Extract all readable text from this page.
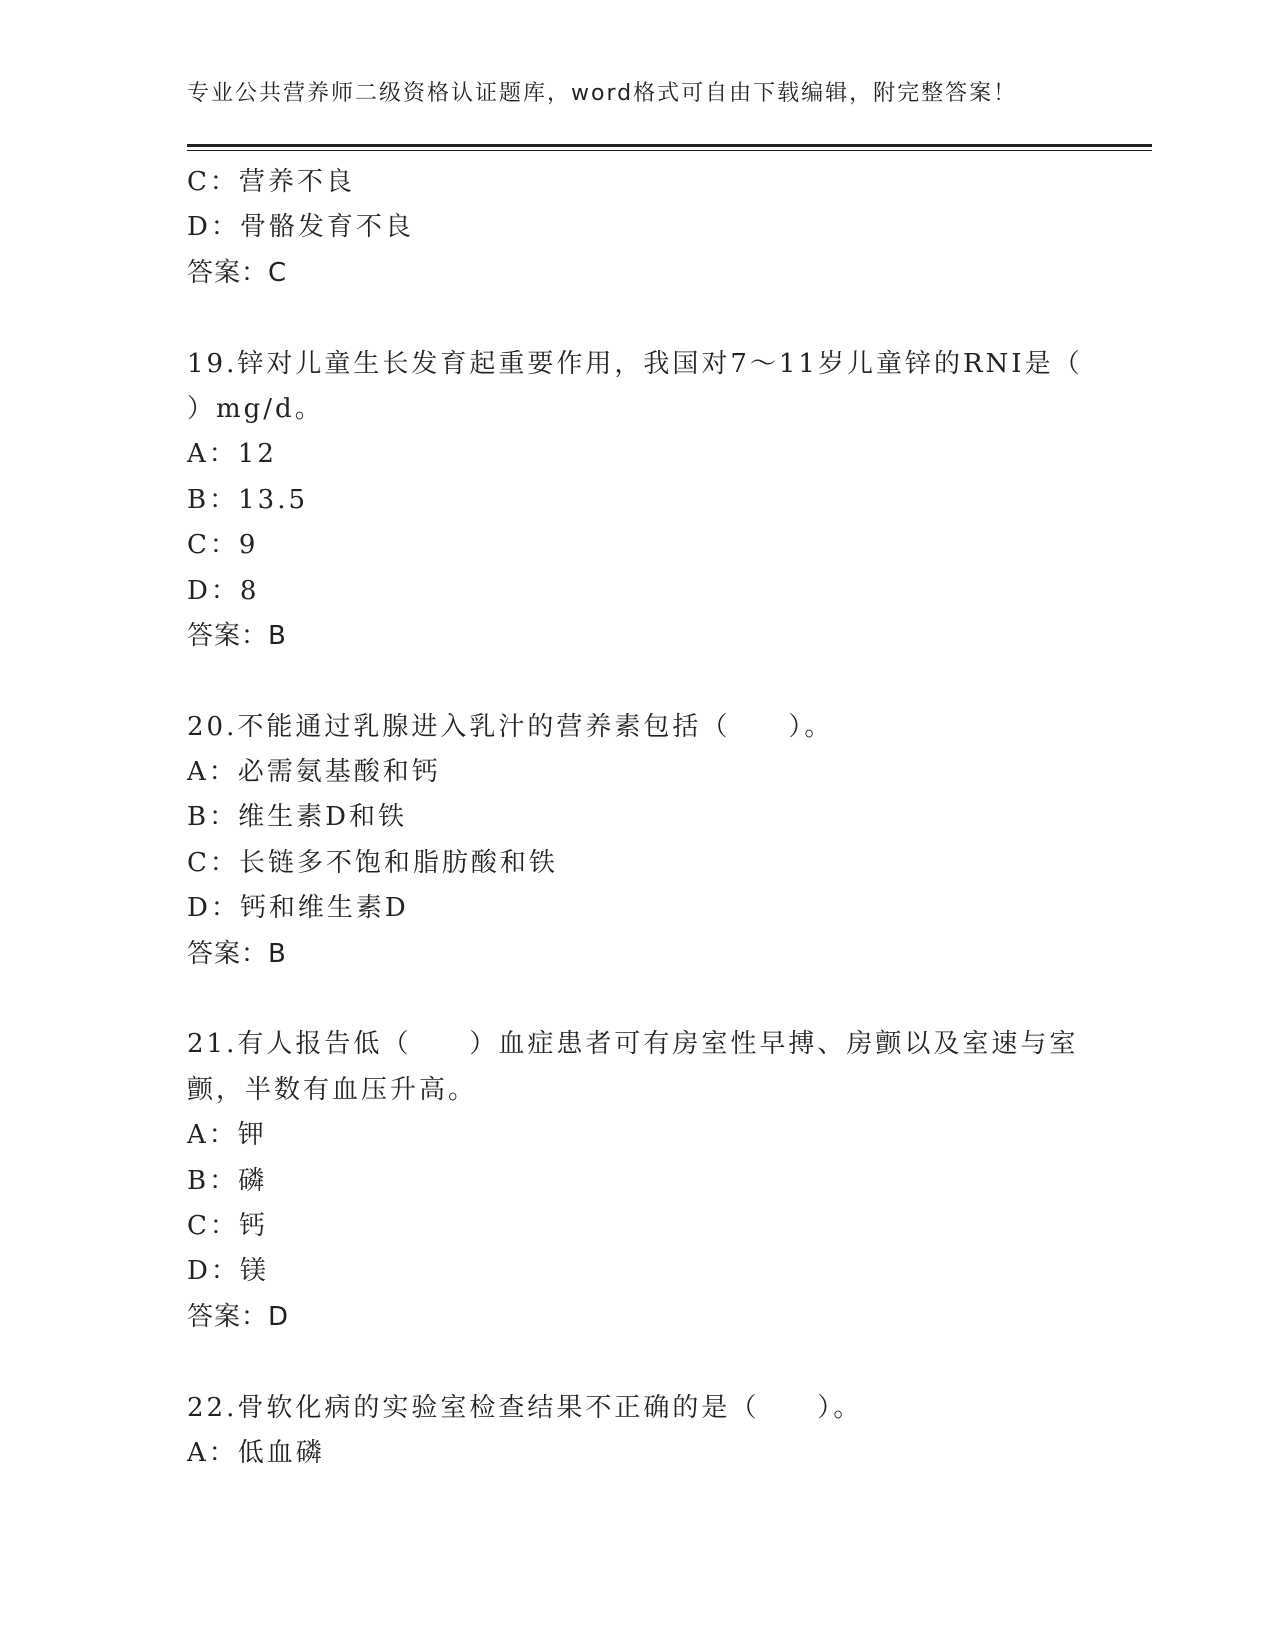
专业公共营养师二级资格认证题库，word格式可自由下载编辑，附完整答案！
C：营养不良
D：骨骼发育不良
答案：C
19.锌对儿童生长发育起重要作用，我国对7～11岁儿童锌的RNI是（
）mg/d。
A：12
B：13.5
C：9
D：8
答案：B
20.不能通过乳腺进入乳汁的营养素包括（　　）。
A：必需氨基酸和钙
B：维生素D和铁
C：长链多不饱和脂肪酸和铁
D：钙和维生素D
答案：B
21.有人报告低（　　）血症患者可有房室性早搏、房颤以及室速与室
颤，半数有血压升高。
A：钾
B：磷
C：钙
D：镁
答案：D
22.骨软化病的实验室检查结果不正确的是（　　）。
A：低血磷
